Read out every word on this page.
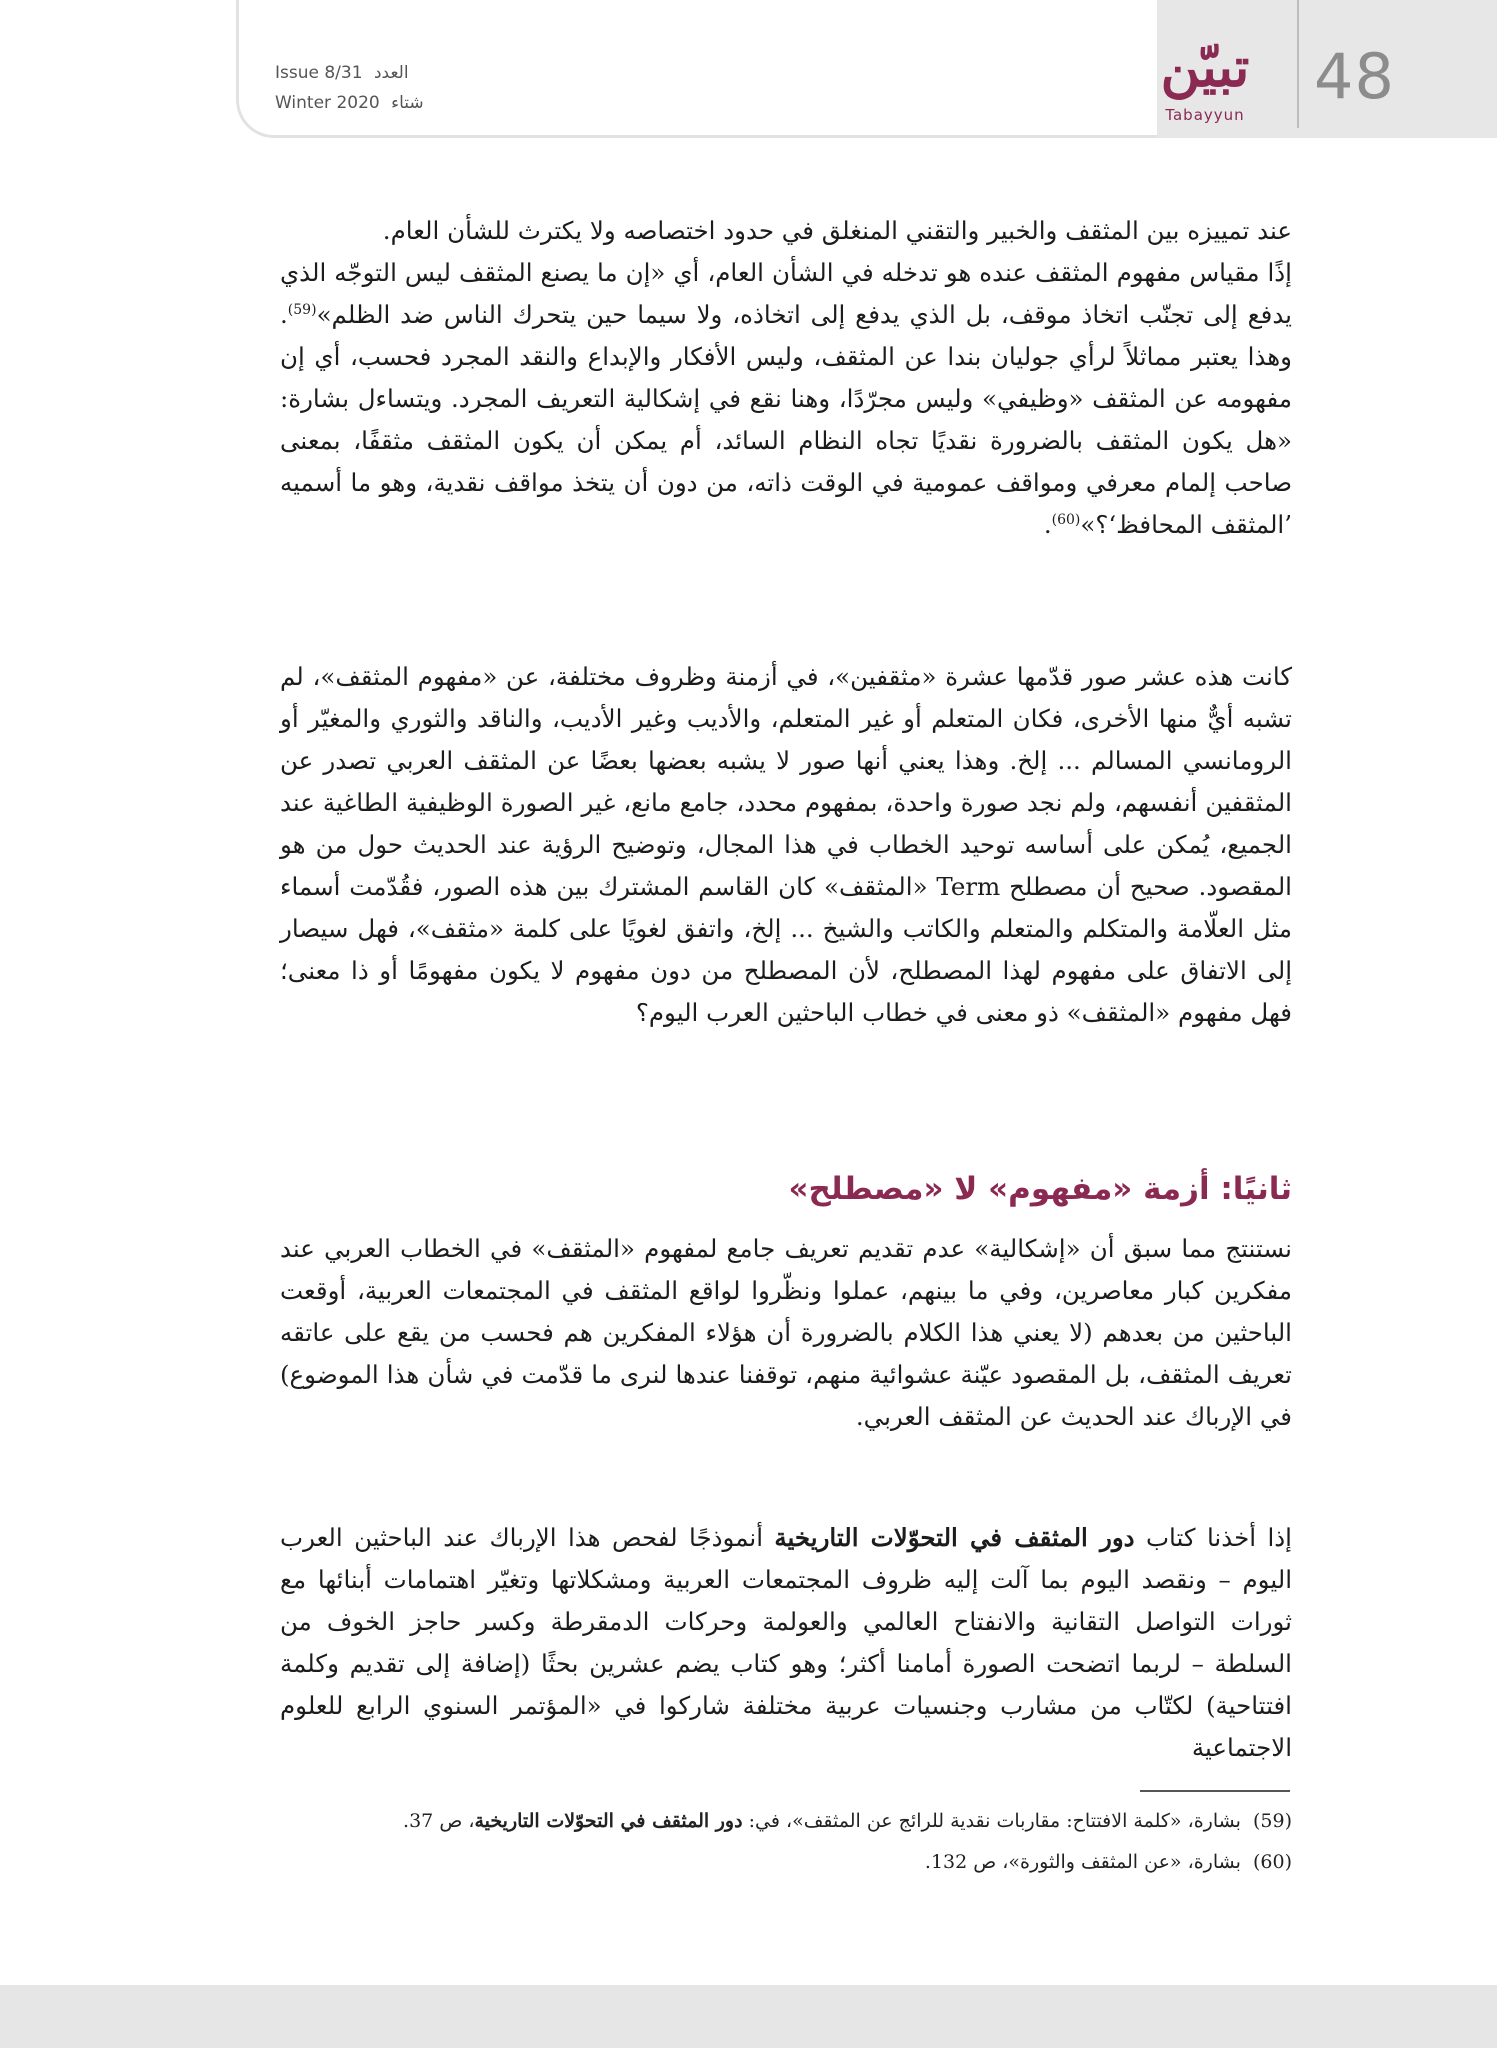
Issue 8/31 العدد
Winter 2020 شتاء
تبيّن
Tabayyun
48
عند تمييزه بين المثقف والخبير والتقني المنغلق في حدود اختصاصه ولا يكترث للشأن العام.
إذًا مقياس مفهوم المثقف عنده هو تدخله في الشأن العام، أي «إن ما يصنع المثقف ليس التوجّه الذي يدفع إلى تجنّب اتخاذ موقف، بل الذي يدفع إلى اتخاذه، ولا سيما حين يتحرك الناس ضد الظلم»$^{(59)}$. وهذا يعتبر مماثلاً لرأي جوليان بندا عن المثقف، وليس الأفكار والإبداع والنقد المجرد فحسب، أي إن مفهومه عن المثقف «وظيفي» وليس مجرّدًا، وهنا نقع في إشكالية التعريف المجرد. ويتساءل بشارة: «هل يكون المثقف بالضرورة نقديًا تجاه النظام السائد، أم يمكن أن يكون المثقف مثقفًا، بمعنى صاحب إلمام معرفي ومواقف عمومية في الوقت ذاته، من دون أن يتخذ مواقف نقدية، وهو ما أسميه ’المثقف المحافظ‘؟»$^{(60)}$.
كانت هذه عشر صور قدّمها عشرة «مثقفين»، في أزمنة وظروف مختلفة، عن «مفهوم المثقف»، لم تشبه أيٌّ منها الأخرى، فكان المتعلم أو غير المتعلم، والأديب وغير الأديب، والناقد والثوري والمغيّر أو الرومانسي المسالم ... إلخ. وهذا يعني أنها صور لا يشبه بعضها بعضًا عن المثقف العربي تصدر عن المثقفين أنفسهم، ولم نجد صورة واحدة، بمفهوم محدد، جامع مانع، غير الصورة الوظيفية الطاغية عند الجميع، يُمكن على أساسه توحيد الخطاب في هذا المجال، وتوضيح الرؤية عند الحديث حول من هو المقصود. صحيح أن مصطلح Term «المثقف» كان القاسم المشترك بين هذه الصور، فقُدّمت أسماء مثل العلّامة والمتكلم والمتعلم والكاتب والشيخ ... إلخ، واتفق لغويًا على كلمة «مثقف»، فهل سيصار إلى الاتفاق على مفهوم لهذا المصطلح، لأن المصطلح من دون مفهوم لا يكون مفهومًا أو ذا معنى؛ فهل مفهوم «المثقف» ذو معنى في خطاب الباحثين العرب اليوم؟
ثانيًا: أزمة «مفهوم» لا «مصطلح»
نستنتج مما سبق أن «إشكالية» عدم تقديم تعريف جامع لمفهوم «المثقف» في الخطاب العربي عند مفكرين كبار معاصرين، وفي ما بينهم، عملوا ونظّروا لواقع المثقف في المجتمعات العربية، أوقعت الباحثين من بعدهم (لا يعني هذا الكلام بالضرورة أن هؤلاء المفكرين هم فحسب من يقع على عاتقه تعريف المثقف، بل المقصود عيّنة عشوائية منهم، توقفنا عندها لنرى ما قدّمت في شأن هذا الموضوع) في الإرباك عند الحديث عن المثقف العربي.
إذا أخذنا كتاب دور المثقف في التحوّلات التاريخية أنموذجًا لفحص هذا الإرباك عند الباحثين العرب اليوم – ونقصد اليوم بما آلت إليه ظروف المجتمعات العربية ومشكلاتها وتغيّر اهتمامات أبنائها مع ثورات التواصل التقانية والانفتاح العالمي والعولمة وحركات الدمقرطة وكسر حاجز الخوف من السلطة – لربما اتضحت الصورة أمامنا أكثر؛ وهو كتاب يضم عشرين بحثًا (إضافة إلى تقديم وكلمة افتتاحية) لكتّاب من مشارب وجنسيات عربية مختلفة شاركوا في «المؤتمر السنوي الرابع للعلوم الاجتماعية
(59)  بشارة، «كلمة الافتتاح: مقاربات نقدية للرائج عن المثقف»، في: دور المثقف في التحوّلات التاريخية، ص 37.
(60)  بشارة، «عن المثقف والثورة»، ص 132.
